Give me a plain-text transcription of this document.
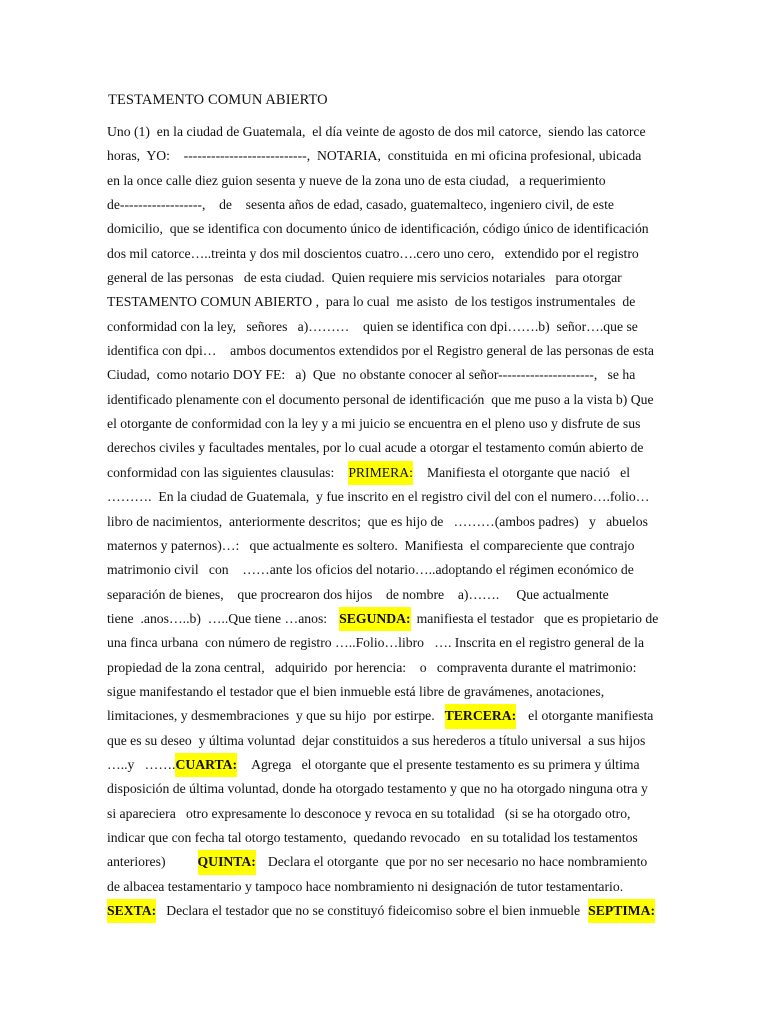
TESTAMENTO COMUN ABIERTO
Uno (1)  en la ciudad de Guatemala,  el día veinte de agosto de dos mil catorce,  siendo las catorce
horas,  YO:    ---------------------------,  NOTARIA,  constituida  en mi oficina profesional, ubicada
en la once calle diez guion sesenta y nueve de la zona uno de esta ciudad,   a requerimiento
de------------------,    de    sesenta años de edad, casado, guatemalteco, ingeniero civil, de este
domicilio,  que se identifica con documento único de identificación, código único de identificación
dos mil catorce…..treinta y dos mil doscientos cuatro….cero uno cero,   extendido por el registro
general de las personas   de esta ciudad.  Quien requiere mis servicios notariales   para otorgar
TESTAMENTO COMUN ABIERTO ,  para lo cual  me asisto  de los testigos instrumentales  de
conformidad con la ley,   señores   a)………    quien se identifica con dpi…….b)  señor….que se
identifica con dpi…    ambos documentos extendidos por el Registro general de las personas de esta
Ciudad,  como notario DOY FE:   a)  Que  no obstante conocer al señor---------------------,   se ha
identificado plenamente con el documento personal de identificación  que me puso a la vista b) Que
el otorgante de conformidad con la ley y a mi juicio se encuentra en el pleno uso y disfrute de sus
derechos civiles y facultades mentales, por lo cual acude a otorgar el testamento común abierto de
conformidad con las siguientes clausulas: PRIMERA: Manifiesta el otorgante que nació   el
……….  En la ciudad de Guatemala,  y fue inscrito en el registro civil del con el numero….folio…
libro de nacimientos,  anteriormente descritos;  que es hijo de   ………(ambos padres)   y   abuelos
maternos y paternos)…:   que actualmente es soltero.  Manifiesta  el compareciente que contrajo
matrimonio civil   con    ……ante los oficios del notario…..adoptando el régimen económico de
separación de bienes,    que procrearon dos hijos    de nombre    a)…….     Que actualmente
tiene  .anos…..b)  …..Que tiene …anos: SEGUNDA: manifiesta el testador   que es propietario de
una finca urbana  con número de registro …..Folio…libro   …. Inscrita en el registro general de la
propiedad de la zona central,   adquirido  por herencia:    o   compraventa durante el matrimonio:
sigue manifestando el testador que el bien inmueble está libre de gravámenes, anotaciones,
limitaciones, y desmembraciones  y que su hijo  por estirpe. TERCERA: el otorgante manifiesta
que es su deseo  y última voluntad  dejar constituidos a sus herederos a título universal  a sus hijos
…..y   ……. CUARTA: Agrega   el otorgante que el presente testamento es su primera y última
disposición de última voluntad, donde ha otorgado testamento y que no ha otorgado ninguna otra y
si apareciera   otro expresamente lo desconoce y revoca en su totalidad   (si se ha otorgado otro,
indicar que con fecha tal otorgo testamento,  quedando revocado   en su totalidad los testamentos
anteriores) QUINTA: Declara el otorgante  que por no ser necesario no hace nombramiento
de albacea testamentario y tampoco hace nombramiento ni designación de tutor testamentario.
SEXTA: Declara el testador que no se constituyó fideicomiso sobre el bien inmueble SEPTIMA:
